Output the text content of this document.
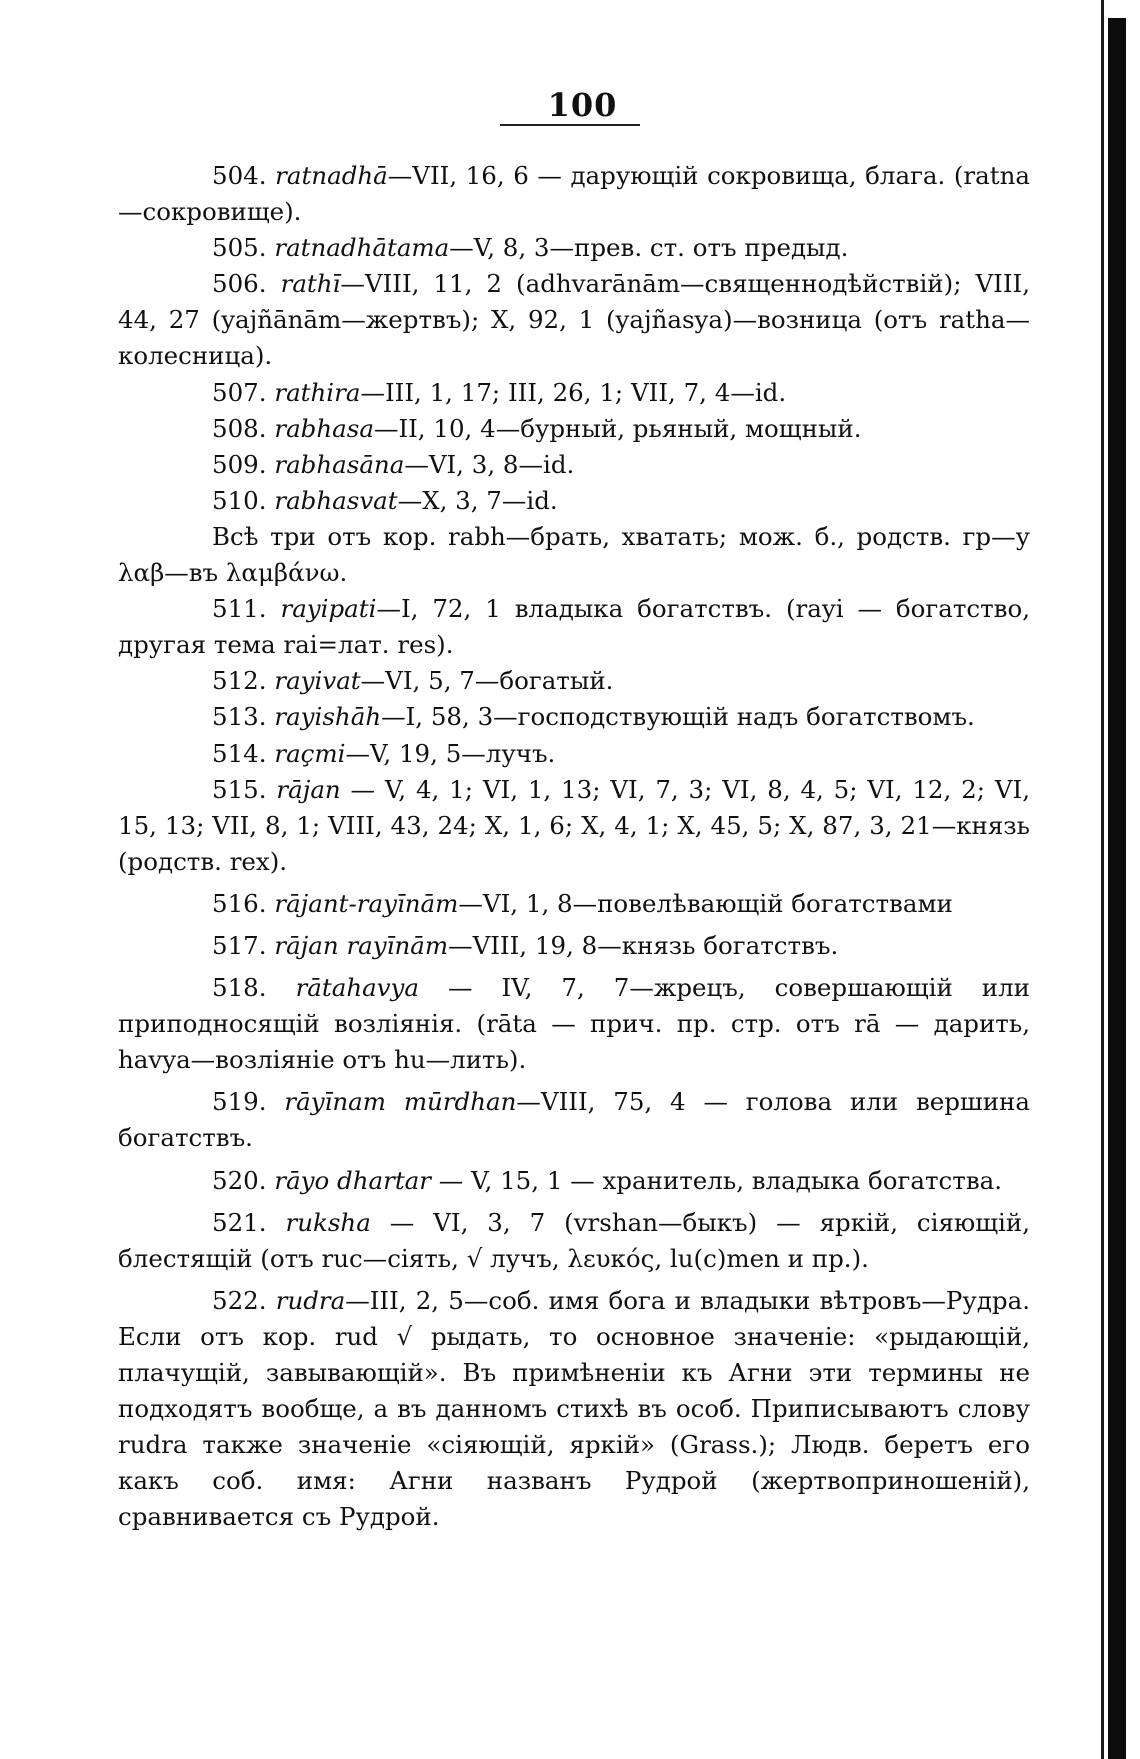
100

504. ratnadhā—VII, 16, 6 — дарующій сокровища, блага. (ratna—сокровище).

505. ratnadhātama—V, 8, 3—прев. ст. отъ предыд.

506. rathī—VIII, 11, 2 (adhvarānām—священнодѣйствій); VIII, 44, 27 (yajñānām—жертвъ); X, 92, 1 (yajñasya)—возница (отъ ratha—колесница).

507. rathira—III, 1, 17; III, 26, 1; VII, 7, 4—id.

508. rabhasa—II, 10, 4—бурный, рьяный, мощный.

509. rabhasāna—VI, 3, 8—id.

510. rabhasvat—X, 3, 7—id.

Всѣ три отъ кор. rabh—брать, хватать; мож. б., родств. гр—у λαβ—въ λαμβάνω.

511. rayipati—I, 72, 1 владыка богатствъ. (rayi — богатство, другая тема rai=лат. res).

512. rayivat—VI, 5, 7—богатый.

513. rayishāh—I, 58, 3—господствующій надъ богатствомъ.

514. raçmi—V, 19, 5—лучъ.

515. rājan — V, 4, 1; VI, 1, 13; VI, 7, 3; VI, 8, 4, 5; VI, 12, 2; VI, 15, 13; VII, 8, 1; VIII, 43, 24; X, 1, 6; X, 4, 1; X, 45, 5; X, 87, 3, 21—князь (родств. rex).

516. rājant-rayīnām—VI, 1, 8—повелѣвающій богатствами

517. rājan rayīnām—VIII, 19, 8—князь богатствъ.

518. rātahavya — IV, 7, 7—жрецъ, совершающій или приподносящій возліянія. (rāta — прич. пр. стр. отъ rā — дарить, havya—возліяніе отъ hu—лить).

519. rāyīnam mūrdhan—VIII, 75, 4 — голова или вершина богатствъ.

520. rāyo dhartar — V, 15, 1 — хранитель, владыка богатства.

521. ruksha — VI, 3, 7 (vrshan—быкъ) — яркій, сіяющій, блестящій (отъ ruc—сіять, √ лучъ, λευκός, lu(c)men и пр.).

522. rudra—III, 2, 5—соб. имя бога и владыки вѣтровъ—Рудра. Если отъ кор. rud √ рыдать, то основное значеніе: «рыдающій, плачущій, завывающій». Въ примѣненіи къ Агни эти термины не подходятъ вообще, а въ данномъ стихѣ въ особ. Приписываютъ слову rudra также значеніе «сіяющій, яркій» (Grass.); Людв. беретъ его какъ соб. имя: Агни названъ Рудрой (жертвоприношеній), сравнивается съ Рудрой.
